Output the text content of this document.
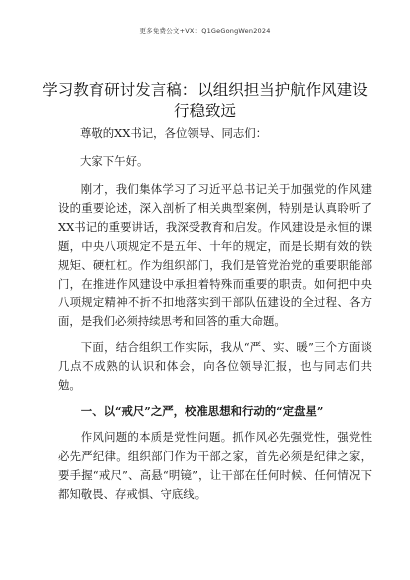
更多免费公文+VX：Q1GeGongWen2024
学习教育研讨发言稿：以组织担当护航作风建设行稳致远

尊敬的XX书记，各位领导、同志们：

大家下午好。

刚才，我们集体学习了习近平总书记关于加强党的作风建设的重要论述，深入剖析了相关典型案例，特别是认真聆听了XX书记的重要讲话，我深受教育和启发。作风建设是永恒的课题，中央八项规定不是五年、十年的规定，而是长期有效的铁规矩、硬杠杠。作为组织部门，我们是管党治党的重要职能部门，在推进作风建设中承担着特殊而重要的职责。如何把中央八项规定精神不折不扣地落实到干部队伍建设的全过程、各方面，是我们必须持续思考和回答的重大命题。

下面，结合组织工作实际，我从“严、实、暖”三个方面谈几点不成熟的认识和体会，向各位领导汇报，也与同志们共勉。

一、以“戒尺”之严，校准思想和行动的“定盘星”

作风问题的本质是党性问题。抓作风必先强党性，强党性必先严纪律。组织部门作为干部之家，首先必须是纪律之家，要手握“戒尺”、高悬“明镜”，让干部在任何时候、任何情况下都知敬畏、存戒惧、守底线。
